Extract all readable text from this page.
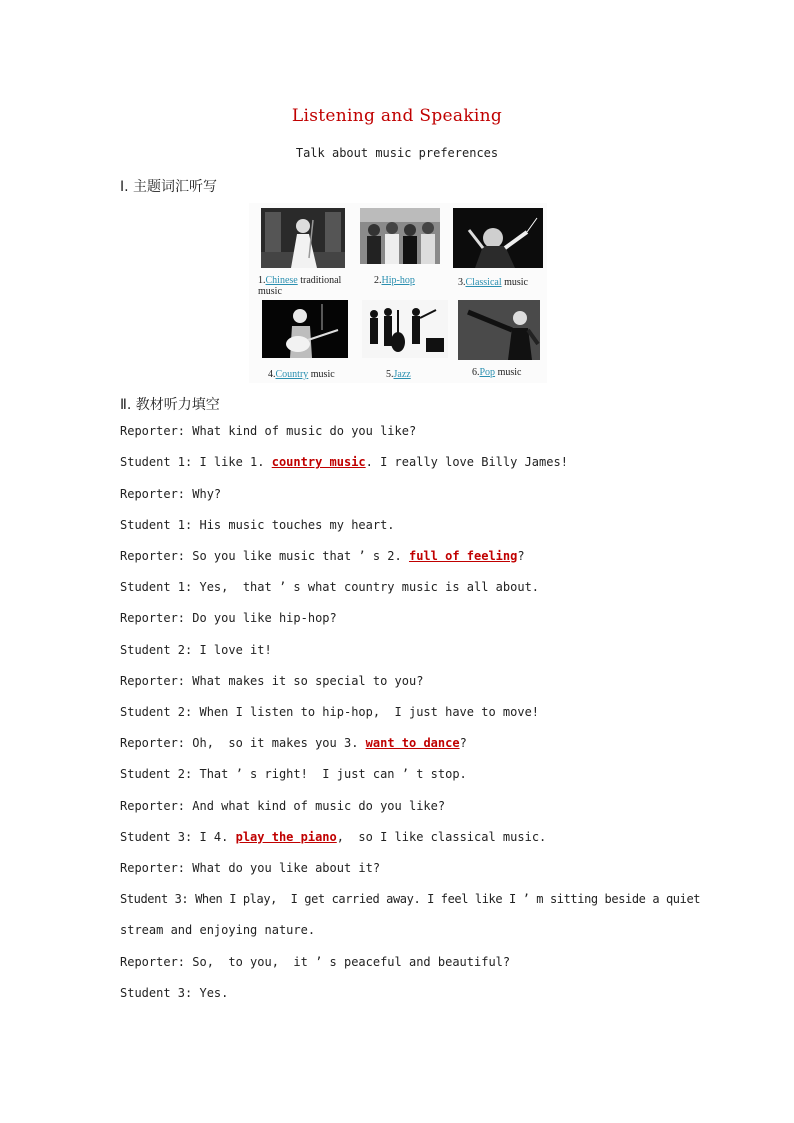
Listening and Speaking
Talk about music preferences
Ⅰ. 主题词汇听写
1.Chinese traditional music
2.Hip-hop	3.Classical music
4.Country music	5.Jazz	6.Pop music
Ⅱ. 教材听力填空
Reporter: What kind of music do you like?
Student 1: I like 1. country music. I really love Billy James!
Reporter: Why?
Student 1: His music touches my heart.
Reporter: So you like music that ’ s 2. full of feeling?
Student 1: Yes,  that ’ s what country music is all about.
Reporter: Do you like hip-hop?
Student 2: I love it!
Reporter: What makes it so special to you?
Student 2: When I listen to hip-hop,  I just have to move!
Reporter: Oh,  so it makes you 3. want to dance?
Student 2: That ’ s right!  I just can ’ t stop.
Reporter: And what kind of music do you like?
Student 3: I 4. play the piano,  so I like classical music.
Reporter: What do you like about it?
Student 3: When I play,  I get carried away. I feel like I ’ m sitting beside a quiet
stream and enjoying nature.
Reporter: So,  to you,  it ’ s peaceful and beautiful?
Student 3: Yes.
